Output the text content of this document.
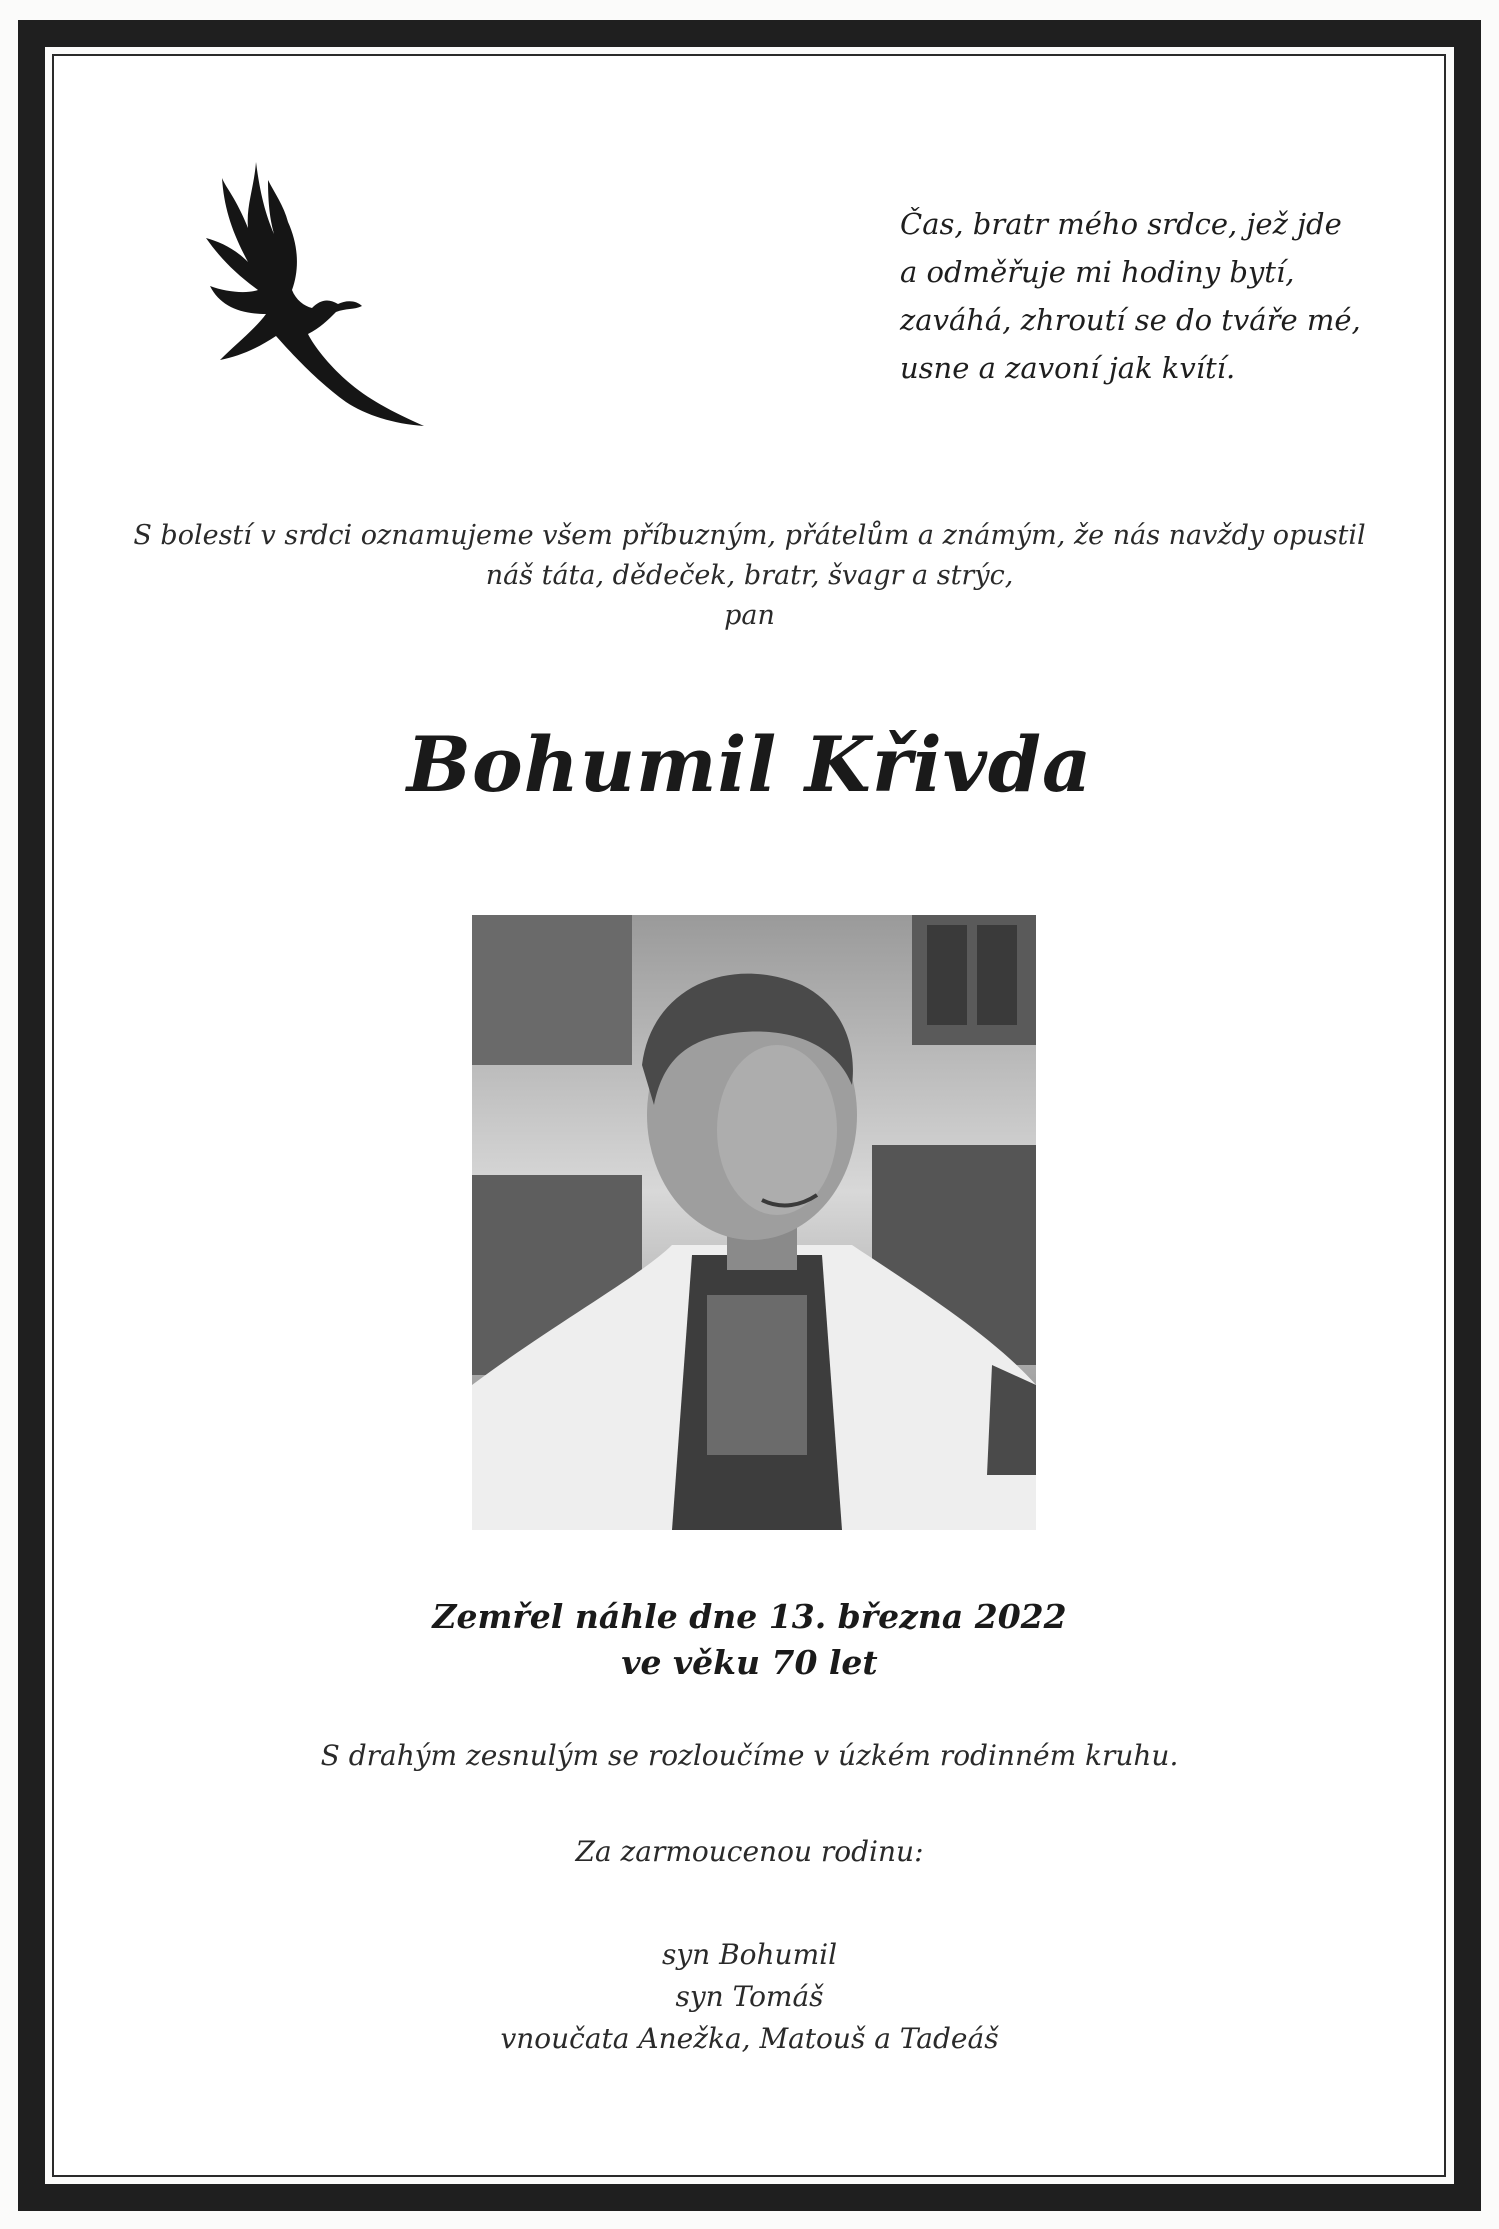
Čas, bratr mého srdce, jež jde
a odměřuje mi hodiny bytí,
zaváhá, zhroutí se do tváře mé,
usne a zavoní jak kvítí.
S bolestí v srdci oznamujeme všem příbuzným, přátelům a známým, že nás navždy opustil
náš táta, dědeček, bratr, švagr a strýc,
pan
Bohumil Křivda
Zemřel náhle dne 13. března 2022
ve věku 70 let
S drahým zesnulým se rozloučíme v úzkém rodinném kruhu.
Za zarmoucenou rodinu:
syn Bohumil
syn Tomáš
vnoučata Anežka, Matouš a Tadeáš
